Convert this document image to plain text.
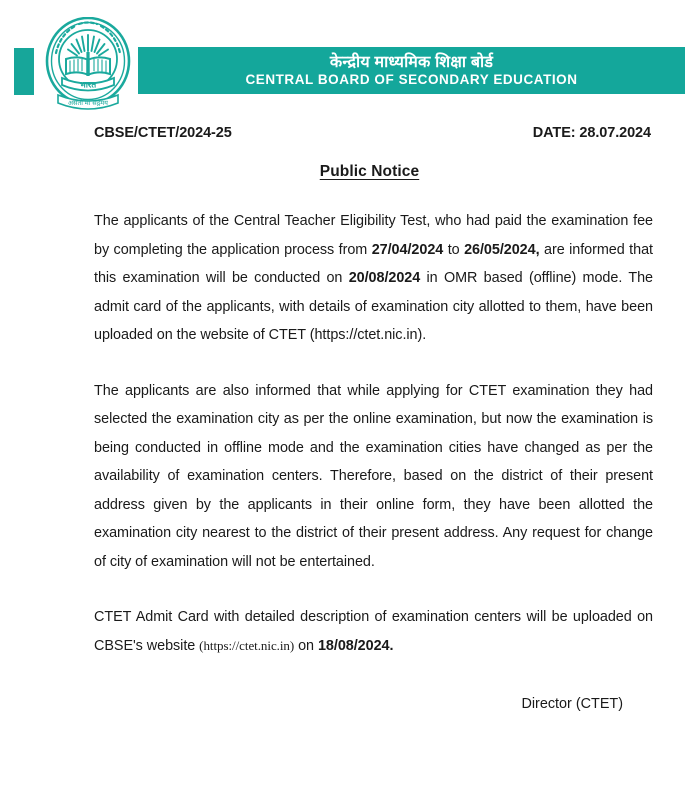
भारत
असतो मा सद्गमय
केन्द्रीय माध्यमिक शिक्षा बोर्ड
CENTRAL BOARD OF SECONDARY EDUCATION
CBSE/CTET/2024-25	DATE: 28.07.2024
Public Notice

The applicants of the Central Teacher Eligibility Test, who had paid the examination fee by completing the application process from 27/04/2024 to 26/05/2024, are informed that this examination will be conducted on 20/08/2024 in OMR based (offline) mode. The admit card of the applicants, with details of examination city allotted to them, have been uploaded on the website of CTET (https://ctet.nic.in).

The applicants are also informed that while applying for CTET examination they had selected the examination city as per the online examination, but now the examination is being conducted in offline mode and the examination cities have changed as per the availability of examination centers. Therefore, based on the district of their present address given by the applicants in their online form, they have been allotted the examination city nearest to the district of their present address. Any request for change of city of examination will not be entertained.

CTET Admit Card with detailed description of examination centers will be uploaded on CBSE's website (https://ctet.nic.in) on 18/08/2024.

Director (CTET)
